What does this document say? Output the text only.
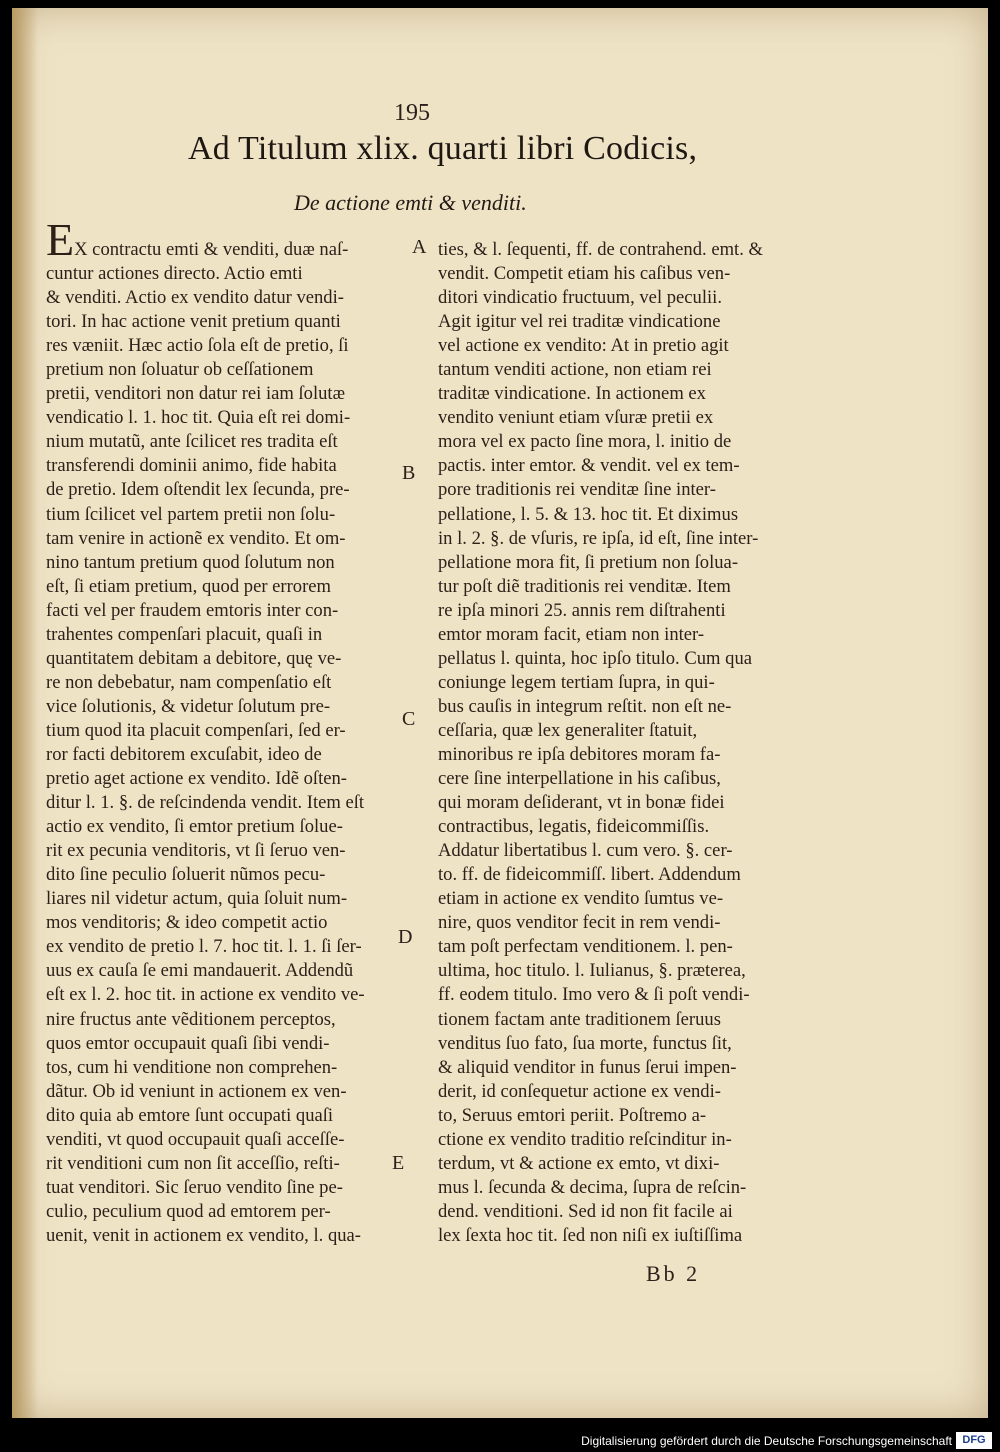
195
Ad Titulum xlix. quarti libri Codicis,
De actione emti & venditi.
EX contractu emti & venditi, duæ naſ-
cuntur actiones directo. Actio emti
& venditi. Actio ex vendito datur vendi-
tori. In hac actione venit pretium quanti
res væniit. Hæc actio ſola eſt de pretio, ſi
pretium non ſoluatur ob ceſſationem
pretii, venditori non datur rei iam ſolutæ
vendicatio l. 1. hoc tit. Quia eſt rei domi-
nium mutatũ, ante ſcilicet res tradita eſt
transferendi dominii animo, fide habita
de pretio. Idem oſtendit lex ſecunda, pre-
tium ſcilicet vel partem pretii non ſolu-
tam venire in actionẽ ex vendito. Et om-
nino tantum pretium quod ſolutum non
eſt, ſi etiam pretium, quod per errorem
facti vel per fraudem emtoris inter con-
trahentes compenſari placuit, quaſi in
quantitatem debitam a debitore, quę ve-
re non debebatur, nam compenſatio eſt
vice ſolutionis, & videtur ſolutum pre-
tium quod ita placuit compenſari, ſed er-
ror facti debitorem excuſabit, ideo de
pretio aget actione ex vendito. Idẽ oſten-
ditur l. 1. §. de reſcindenda vendit. Item eſt
actio ex vendito, ſi emtor pretium ſolue-
rit ex pecunia venditoris, vt ſi ſeruo ven-
dito ſine peculio ſoluerit nũmos pecu-
liares nil videtur actum, quia ſoluit num-
mos venditoris; & ideo competit actio
ex vendito de pretio l. 7. hoc tit. l. 1. ſi ſer-
uus ex cauſa ſe emi mandauerit. Addendũ
eſt ex l. 2. hoc tit. in actione ex vendito ve-
nire fructus ante vẽditionem perceptos,
quos emtor occupauit quaſi ſibi vendi-
tos, cum hi venditione non comprehen-
dãtur. Ob id veniunt in actionem ex ven-
dito quia ab emtore ſunt occupati quaſi
venditi, vt quod occupauit quaſi acceſſe-
rit venditioni cum non ſit acceſſio, reſti-
tuat venditori. Sic ſeruo vendito ſine pe-
culio, peculium quod ad emtorem per-
uenit, venit in actionem ex vendito, l. qua-
ties, & l. ſequenti, ff. de contrahend. emt. &
vendit. Competit etiam his caſibus ven-
ditori vindicatio fructuum, vel peculii.
Agit igitur vel rei traditæ vindicatione
vel actione ex vendito: At in pretio agit
tantum venditi actione, non etiam rei
traditæ vindicatione. In actionem ex
vendito veniunt etiam vſuræ pretii ex
mora vel ex pacto ſine mora, l. initio de
pactis. inter emtor. & vendit. vel ex tem-
pore traditionis rei venditæ ſine inter-
pellatione, l. 5. & 13. hoc tit. Et diximus
in l. 2. §. de vſuris, re ipſa, id eſt, ſine inter-
pellatione mora fit, ſi pretium non ſolua-
tur poſt diẽ traditionis rei venditæ. Item
re ipſa minori 25. annis rem diſtrahenti
emtor moram facit, etiam non inter-
pellatus l. quinta, hoc ipſo titulo. Cum qua
coniunge legem tertiam ſupra, in qui-
bus cauſis in integrum reſtit. non eſt ne-
ceſſaria, quæ lex generaliter ſtatuit,
minoribus re ipſa debitores moram fa-
cere ſine interpellatione in his caſibus,
qui moram deſiderant, vt in bonæ fidei
contractibus, legatis, fideicommiſſis.
Addatur libertatibus l. cum vero. §. cer-
to. ff. de fideicommiſſ. libert. Addendum
etiam in actione ex vendito ſumtus ve-
nire, quos venditor fecit in rem vendi-
tam poſt perfectam venditionem. l. pen-
ultima, hoc titulo. l. Iulianus, §. præterea,
ff. eodem titulo. Imo vero & ſi poſt vendi-
tionem factam ante traditionem ſeruus
venditus ſuo fato, ſua morte, functus ſit,
& aliquid venditor in funus ſerui impen-
derit, id conſequetur actione ex vendi-
to, Seruus emtori periit. Poſtremo a-
ctione ex vendito traditio reſcinditur in-
terdum, vt & actione ex emto, vt dixi-
mus l. ſecunda & decima, ſupra de reſcin-
dend. venditioni. Sed id non fit facile ai
lex ſexta hoc tit. ſed non niſi ex iuſtiſſima
A
B
C
D
E
Bb 2
Digitalisierung gefördert durch die Deutsche Forschungsgemeinschaft DFG
